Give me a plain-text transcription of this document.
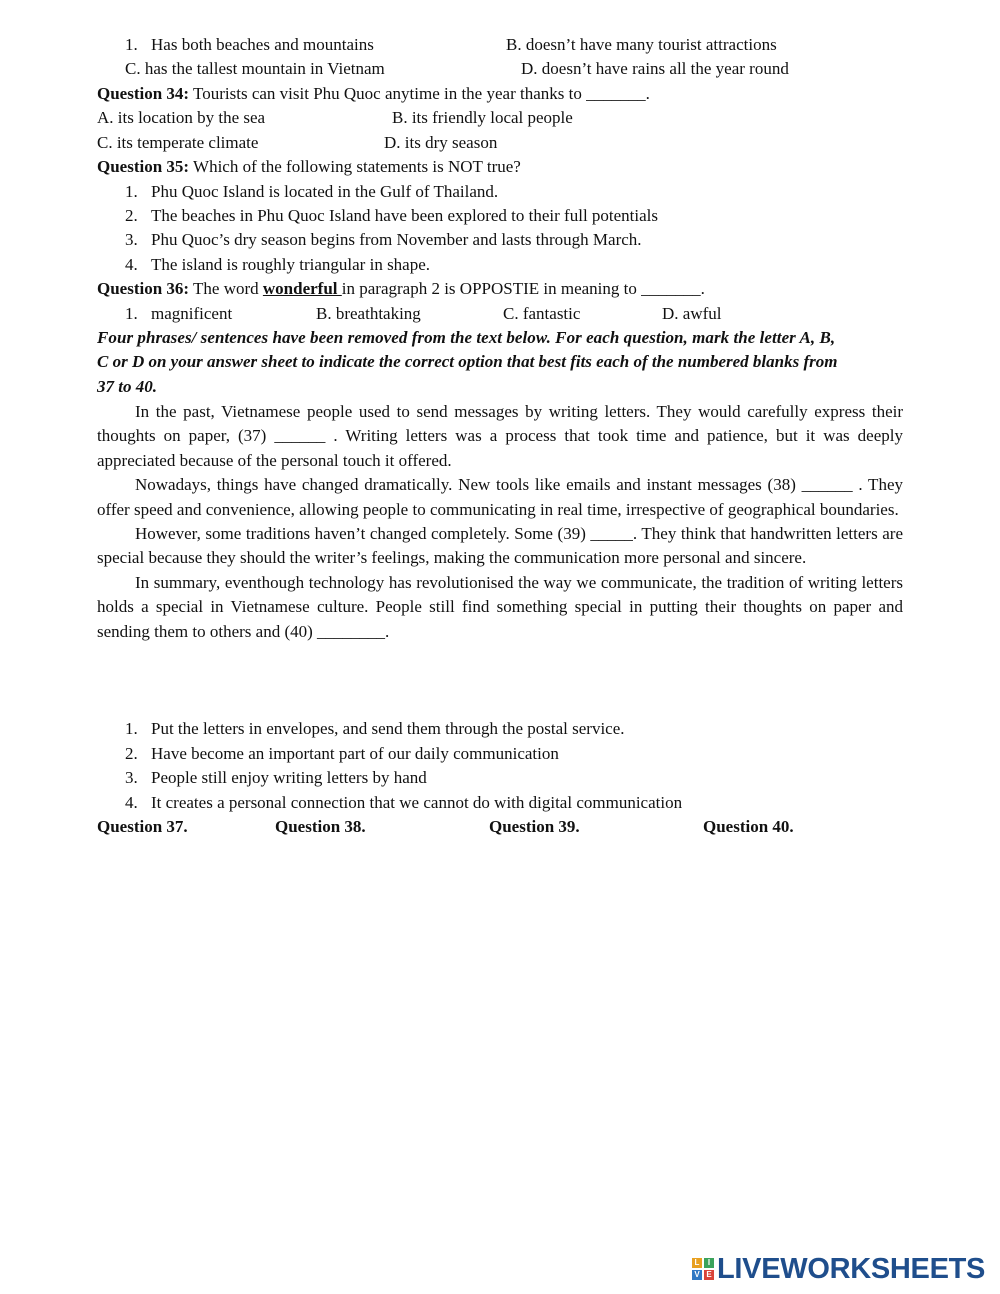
1. Has both beaches and mountains	B. doesn’t have many tourist attractions
C. has the tallest mountain in Vietnam	D. doesn’t have rains all the year round
Question 34: Tourists can visit Phu Quoc anytime in the year thanks to _______.
A. its location by the sea	B. its friendly local people
C. its temperate climate	D. its dry season
Question 35: Which of the following statements is NOT true?
1. Phu Quoc Island is located in the Gulf of Thailand.
2. The beaches in Phu Quoc Island have been explored to their full potentials
3. Phu Quoc’s dry season begins from November and lasts through March.
4. The island is roughly triangular in shape.
Question 36: The word wonderful in paragraph 2 is OPPOSTIE in meaning to _______.
1. magnificent	B. breathtaking	C. fantastic	D. awful
Four phrases/ sentences have been removed from the text below. For each question, mark the letter A, B,
C or D on your answer sheet to indicate the correct option that best fits each of the numbered blanks from
37 to 40.

In the past, Vietnamese people used to send messages by writing letters. They would carefully express their thoughts on paper, (37) ______ . Writing letters was a process that took time and patience, but it was deeply appreciated because of the personal touch it offered.

Nowadays, things have changed dramatically. New tools like emails and instant messages (38) ______ . They offer speed and convenience, allowing people to communicating in real time, irrespective of geographical boundaries.

However, some traditions haven’t changed completely. Some (39) _____. They think that handwritten letters are special because they should the writer’s feelings, making the communication more personal and sincere.

In summary, eventhough technology has revolutionised the way we communicate, the tradition of writing letters holds a special in Vietnamese culture. People still find something special in putting their thoughts on paper and sending them to others and (40) ________.

1. Put the letters in envelopes, and send them through the postal service.
2. Have become an important part of our daily communication
3. People still enjoy writing letters by hand
4. It creates a personal connection that we cannot do with digital communication
Question 37.	Question 38.	Question 39.	Question 40.
L	I
V E LIVEWORKSHEETS
